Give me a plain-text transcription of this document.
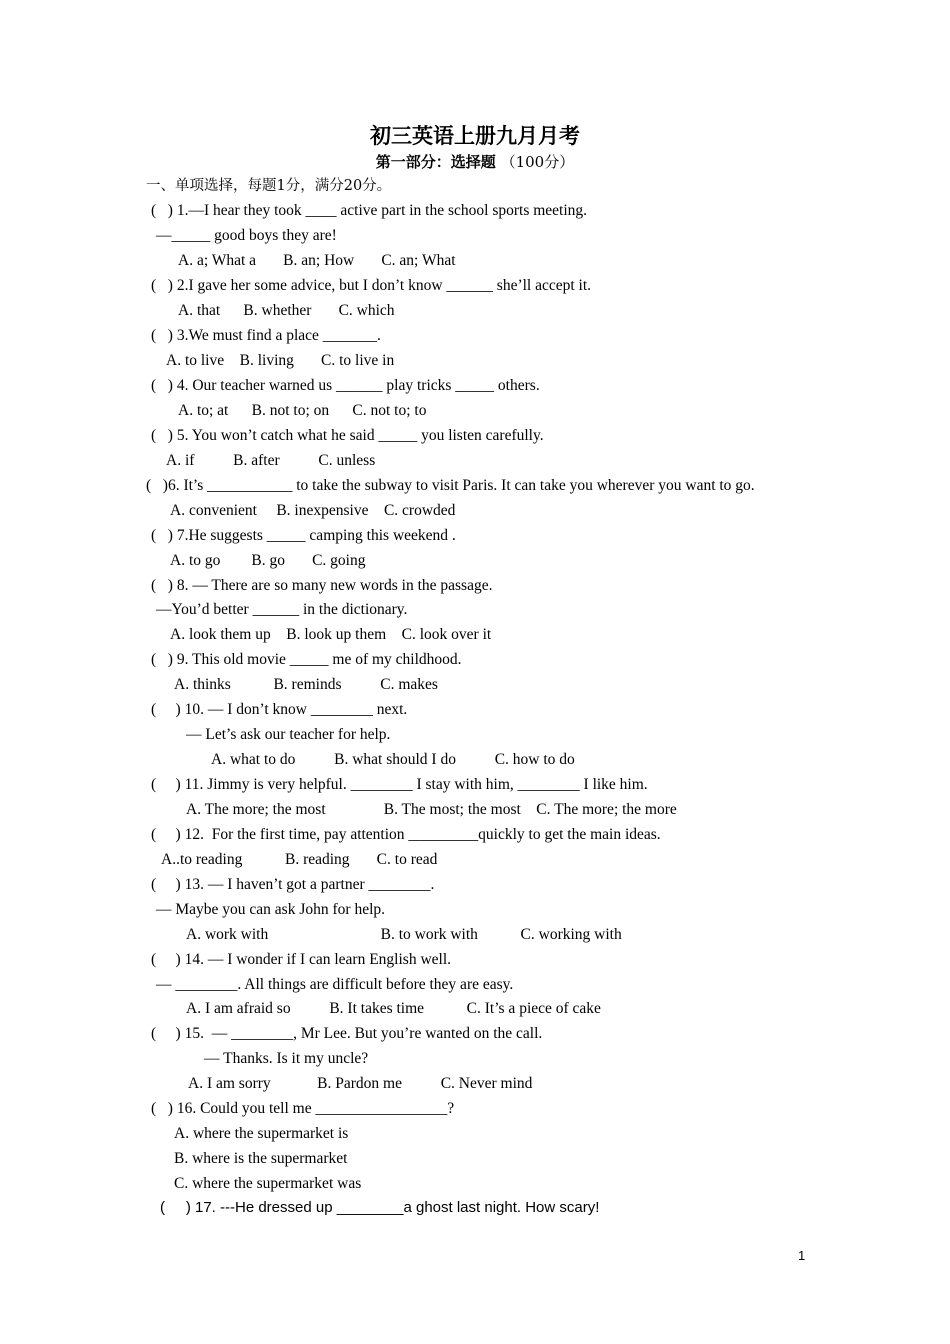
初三英语上册九月月考
第一部分：选择题 （100分）
一、单项选择，每题1分，满分20分。
(   ) 1.—I hear they took ____ active part in the school sports meeting.
—_____ good boys they are!
A. a; What a       B. an; How       C. an; What
(   ) 2.I gave her some advice, but I don’t know ______ she’ll accept it.
A. that      B. whether       C. which
(   ) 3.We must find a place _______.
A. to live    B. living       C. to live in
(   ) 4. Our teacher warned us ______ play tricks _____ others.
A. to; at      B. not to; on      C. not to; to
(   ) 5. You won’t catch what he said _____ you listen carefully.
A. if          B. after          C. unless
(   )6. It’s ___________ to take the subway to visit Paris. It can take you wherever you want to go.
A. convenient     B. inexpensive    C. crowded
(   ) 7.He suggests _____ camping this weekend .
A. to go        B. go       C. going
(   ) 8. — There are so many new words in the passage.
—You’d better ______ in the dictionary.
A. look them up    B. look up them    C. look over it
(   ) 9. This old movie _____ me of my childhood.
A. thinks           B. reminds          C. makes
(     ) 10. — I don’t know ________ next.
— Let’s ask our teacher for help.
A. what to do          B. what should I do          C. how to do
(     ) 11. Jimmy is very helpful. ________ I stay with him, ________ I like him.
A. The more; the most               B. The most; the most    C. The more; the more
(     ) 12.  For the first time, pay attention _________quickly to get the main ideas.
A..to reading           B. reading       C. to read
(     ) 13. — I haven’t got a partner ________.
— Maybe you can ask John for help.
A. work with                             B. to work with           C. working with
(     ) 14. — I wonder if I can learn English well.
— ________. All things are difficult before they are easy.
A. I am afraid so          B. It takes time           C. It’s a piece of cake
(     ) 15.  — ________, Mr Lee. But you’re wanted on the call.
— Thanks. Is it my uncle?
A. I am sorry            B. Pardon me          C. Never mind
(   ) 16. Could you tell me _________________?
A. where the supermarket is
B. where is the supermarket
C. where the supermarket was
(     ) 17. ---He dressed up ________a ghost last night. How scary!
1
